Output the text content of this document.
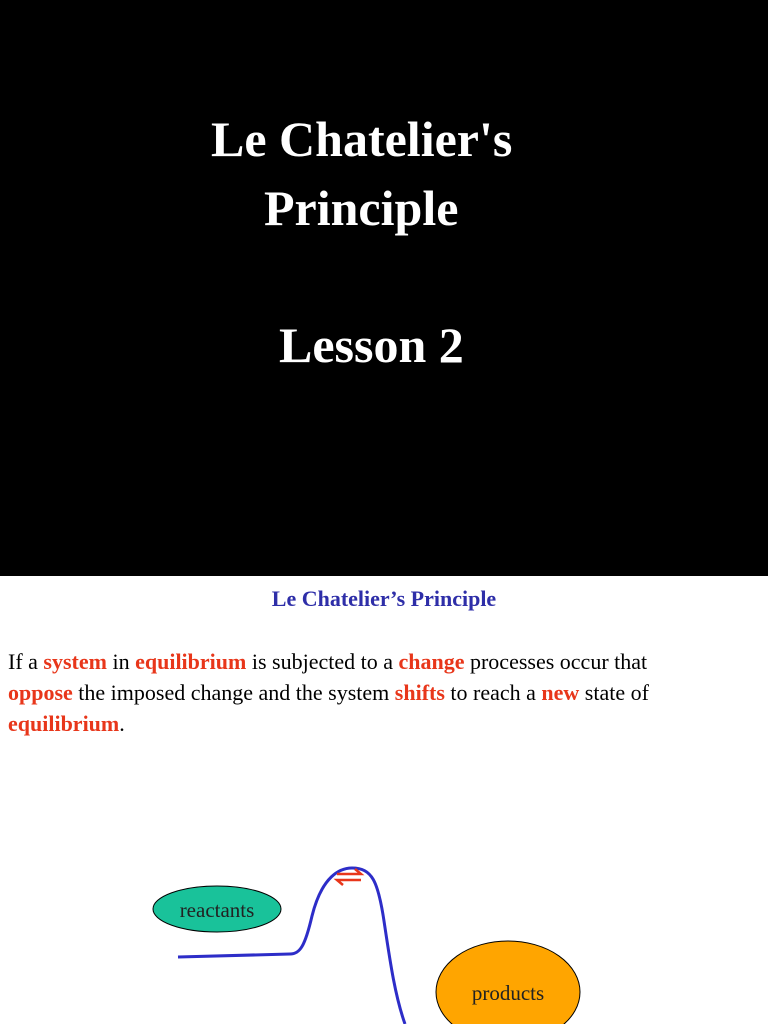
Le Chatelier's
Principle
Lesson 2
Le Chatelier’s Principle
If a system in equilibrium is subjected to a change processes occur that
oppose the imposed change and the system shifts to reach a new state of
equilibrium.
reactants
products
